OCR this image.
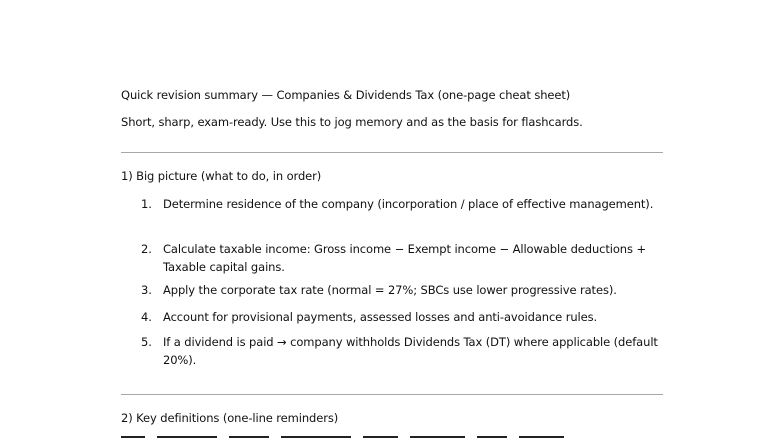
Quick revision summary — Companies & Dividends Tax (one-page cheat sheet)
Short, sharp, exam-ready. Use this to jog memory and as the basis for flashcards.
1) Big picture (what to do, in order)
1. Determine residence of the company (incorporation / place of effective management).
2. Calculate taxable income: Gross income − Exempt income − Allowable deductions + Taxable capital gains.
3. Apply the corporate tax rate (normal = 27%; SBCs use lower progressive rates).
4. Account for provisional payments, assessed losses and anti-avoidance rules.
5. If a dividend is paid → company withholds Dividends Tax (DT) where applicable (default 20%).
2) Key definitions (one-line reminders)
